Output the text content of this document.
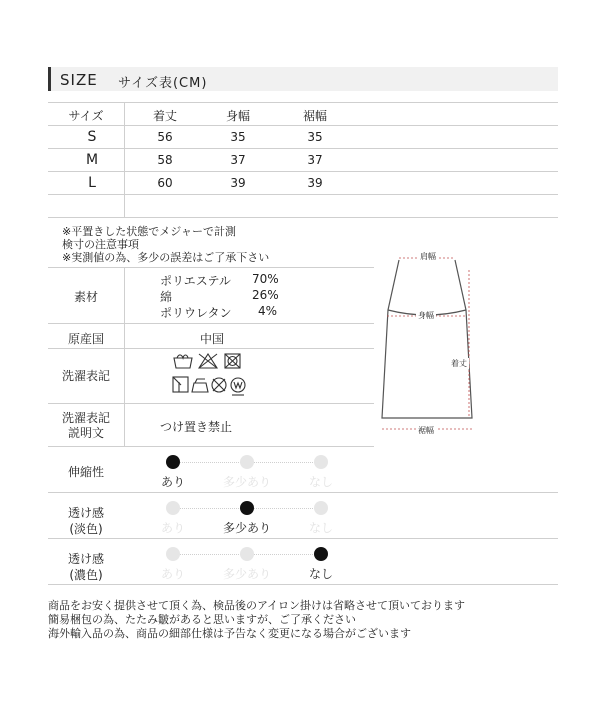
SIZE サイズ表(CM)
サイズ	着丈	身幅	裾幅
S	56	35	35
M	58	37	37
L	60	39	39
※平置きした状態でメジャーで計測
検寸の注意事項
※実測値の為、多少の誤差はご了承下さい
素材
ポリエステル 70%
綿	26%
ポリウレタン 4%
原産国	中国
洗濯表記
洗濯表記
説明文	つけ置き禁止
肩幅
身幅
着丈
裾幅
伸縮性
あり	多少あり	なし
透け感
(淡色)	あり	多少あり	なし
透け感
(濃色)	あり	多少あり	なし
商品をお安く提供させて頂く為、検品後のアイロン掛けは省略させて頂いております
簡易梱包の為、たたみ皺があると思いますが、ご了承ください
海外輸入品の為、商品の細部仕様は予告なく変更になる場合がございます
